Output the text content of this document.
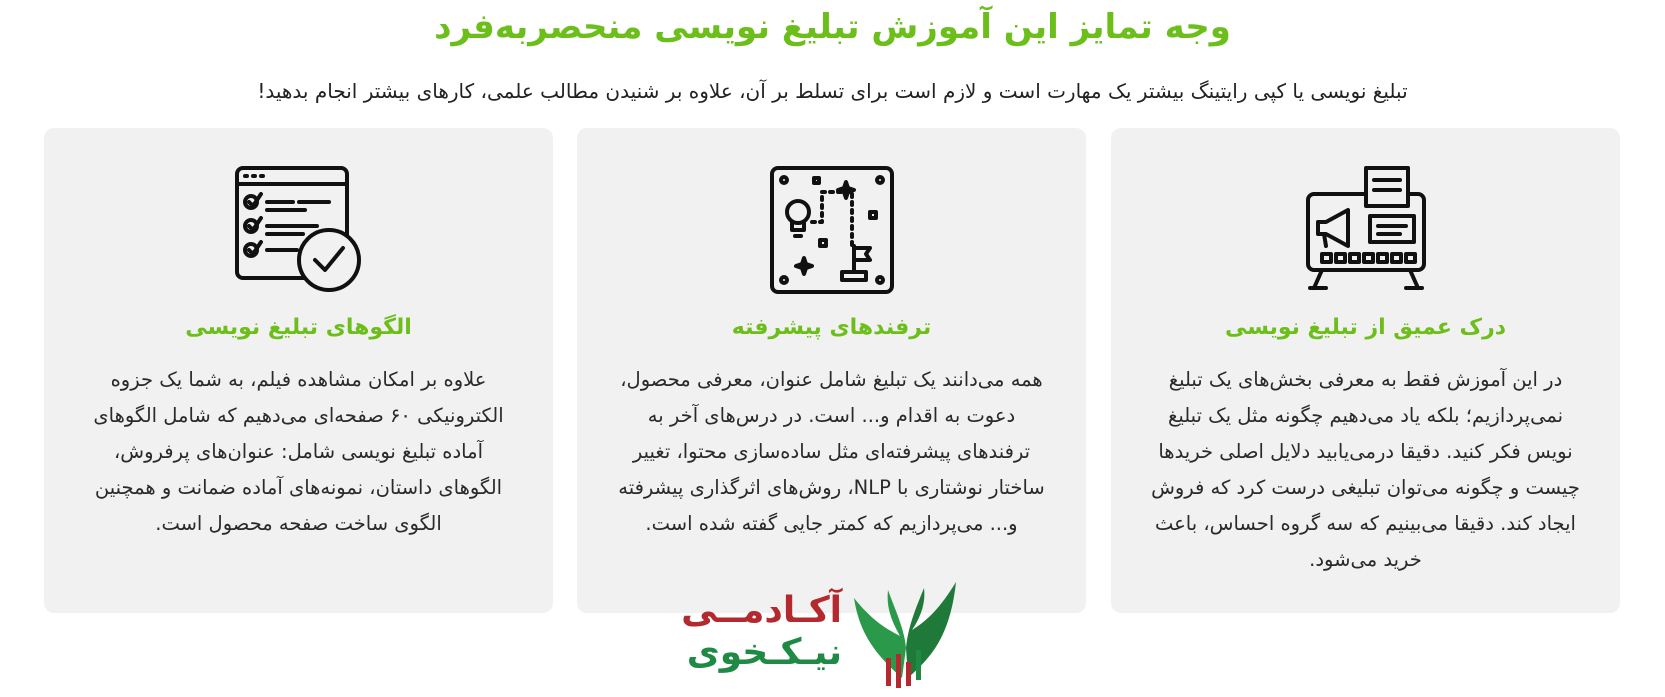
وجه تمایز این آموزش تبلیغ نویسی منحصربه‌فرد

تبلیغ نویسی یا کپی رایتینگ بیشتر یک مهارت است و لازم است برای تسلط بر آن، علاوه بر شنیدن مطالب علمی، کارهای بیشتر انجام بدهید!

درک عمیق از تبلیغ نویسی
در این آموزش فقط به معرفی بخش‌های یک تبلیغ نمی‌پردازیم؛ بلکه یاد می‌دهیم چگونه مثل یک تبلیغ نویس فکر کنید. دقیقا درمی‌یابید دلایل اصلی خریدها چیست و چگونه می‌توان تبلیغی درست کرد که فروش ایجاد کند. دقیقا می‌بینیم که سه گروه احساس، باعث خرید می‌شود.
ترفندهای پیشرفته
همه می‌دانند یک تبلیغ شامل عنوان، معرفی محصول، دعوت به اقدام و... است. در درس‌های آخر به ترفندهای پیشرفته‌ای مثل ساده‌سازی محتوا، تغییر ساختار نوشتاری با NLP، روش‌های اثرگذاری پیشرفته و... می‌پردازیم که کمتر جایی گفته شده است.
الگوهای تبلیغ نویسی
علاوه بر امکان مشاهده فیلم، به شما یک جزوه الکترونیکی ۶۰ صفحه‌ای می‌دهیم که شامل الگوهای آماده تبلیغ نویسی شامل: عنوان‌های پرفروش، الگوهای داستان، نمونه‌های آماده ضمانت و همچنین الگوی ساخت صفحه محصول است.
آکـادمــی
نیـکـخوی
